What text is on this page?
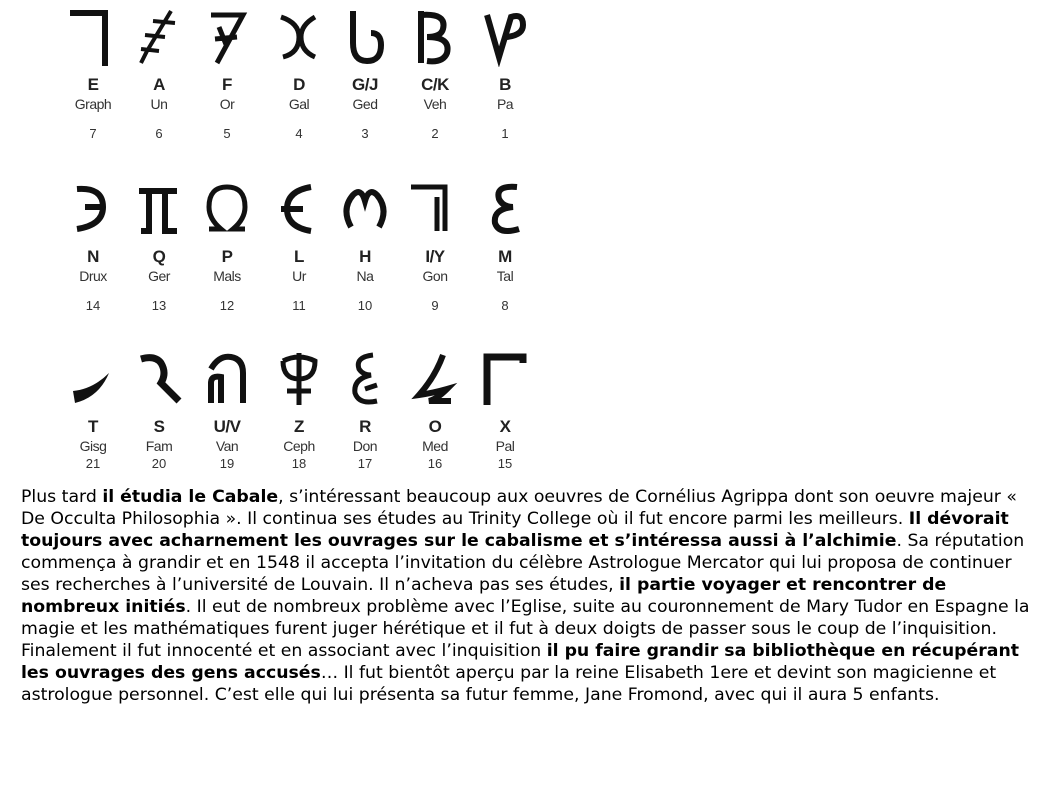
E
Graph
7
A
Un
6
F
Or
5
D
Gal
4
G/J
Ged
3
C/K
Veh
2
B
Pa
1
N
Drux
14
Q
Ger
13
P
Mals
12
L
Ur
11
H
Na
10
I/Y
Gon
9
M
Tal
8
T
Gisg
21
S
Fam
20
U/V
Van
19
Z
Ceph
18
R
Don
17
O
Med
16
X
Pal
15

Plus tard il étudia le Cabale, s’intéressant beaucoup aux oeuvres de Cornélius Agrippa dont son oeuvre majeur « De Occulta Philosophia ». Il continua ses études au Trinity College où il fut encore parmi les meilleurs. Il dévorait toujours avec acharnement les ouvrages sur le cabalisme et s’intéressa aussi à l’alchimie. Sa réputation commença à grandir et en 1548 il accepta l’invitation du célèbre Astrologue Mercator qui lui proposa de continuer ses recherches à l’université de Louvain. Il n’acheva pas ses études, il partie voyager et rencontrer de nombreux initiés. Il eut de nombreux problème avec l’Eglise, suite au couronnement de Mary Tudor en Espagne la magie et les mathématiques furent juger hérétique et il fut à deux doigts de passer sous le coup de l’inquisition. Finalement il fut innocenté et en associant avec l’inquisition il pu faire grandir sa bibliothèque en récupérant les ouvrages des gens accusés… Il fut bientôt aperçu par la reine Elisabeth 1ere et devint son magicienne et astrologue personnel. C’est elle qui lui présenta sa futur femme, Jane Fromond, avec qui il aura 5 enfants.
